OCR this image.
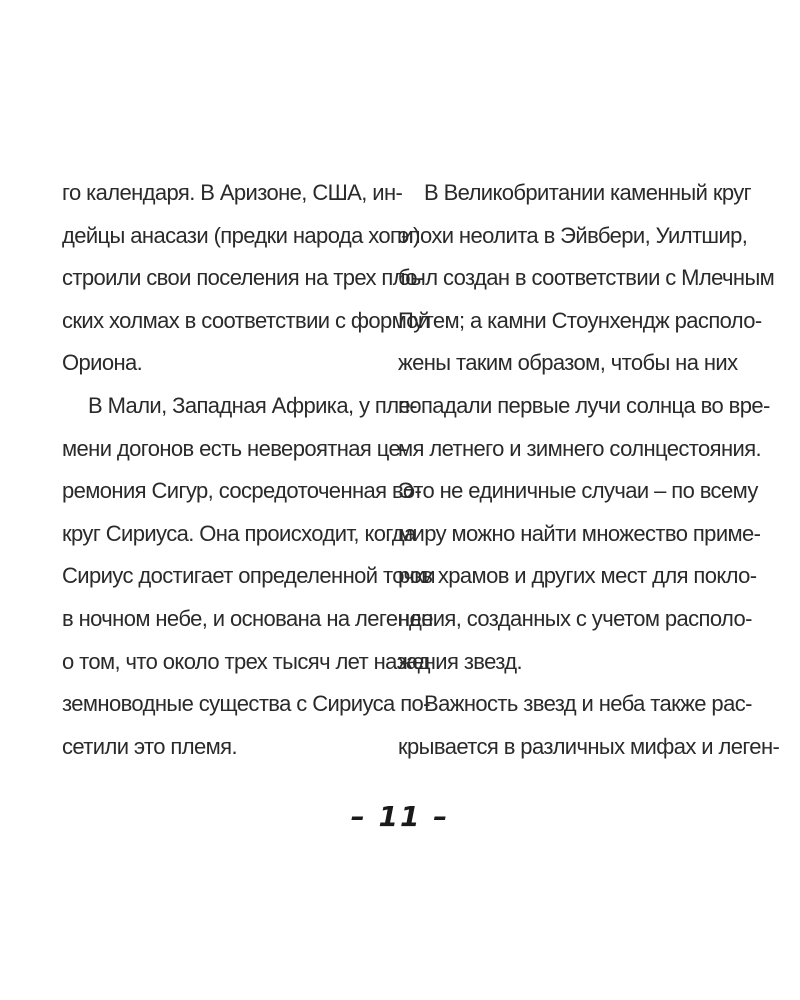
го календаря. В Аризоне, США, ин-
дейцы анасази (предки народа хопи)
строили свои поселения на трех пло-
ских холмах в соответствии с формой
Ориона.
В Мали, Западная Африка, у пле-
мени догонов есть невероятная це-
ремония Сигур, сосредоточенная во-
круг Сириуса. Она происходит, когда
Сириус достигает определенной точки
в ночном небе, и основана на легенде
о том, что около трех тысяч лет назад
земноводные существа с Сириуса по-
сетили это племя.
В Великобритании каменный круг
эпохи неолита в Эйвбери, Уилтшир,
был создан в соответствии с Млечным
Путем; а камни Стоунхендж располо-
жены таким образом, чтобы на них
попадали первые лучи солнца во вре-
мя летнего и зимнего солнцестояния.
Это не единичные случаи – по всему
миру можно найти множество приме-
ров храмов и других мест для покло-
нения, созданных с учетом располо-
жения звезд.
Важность звезд и неба также рас-
крывается в различных мифах и леген-
– 11 –
